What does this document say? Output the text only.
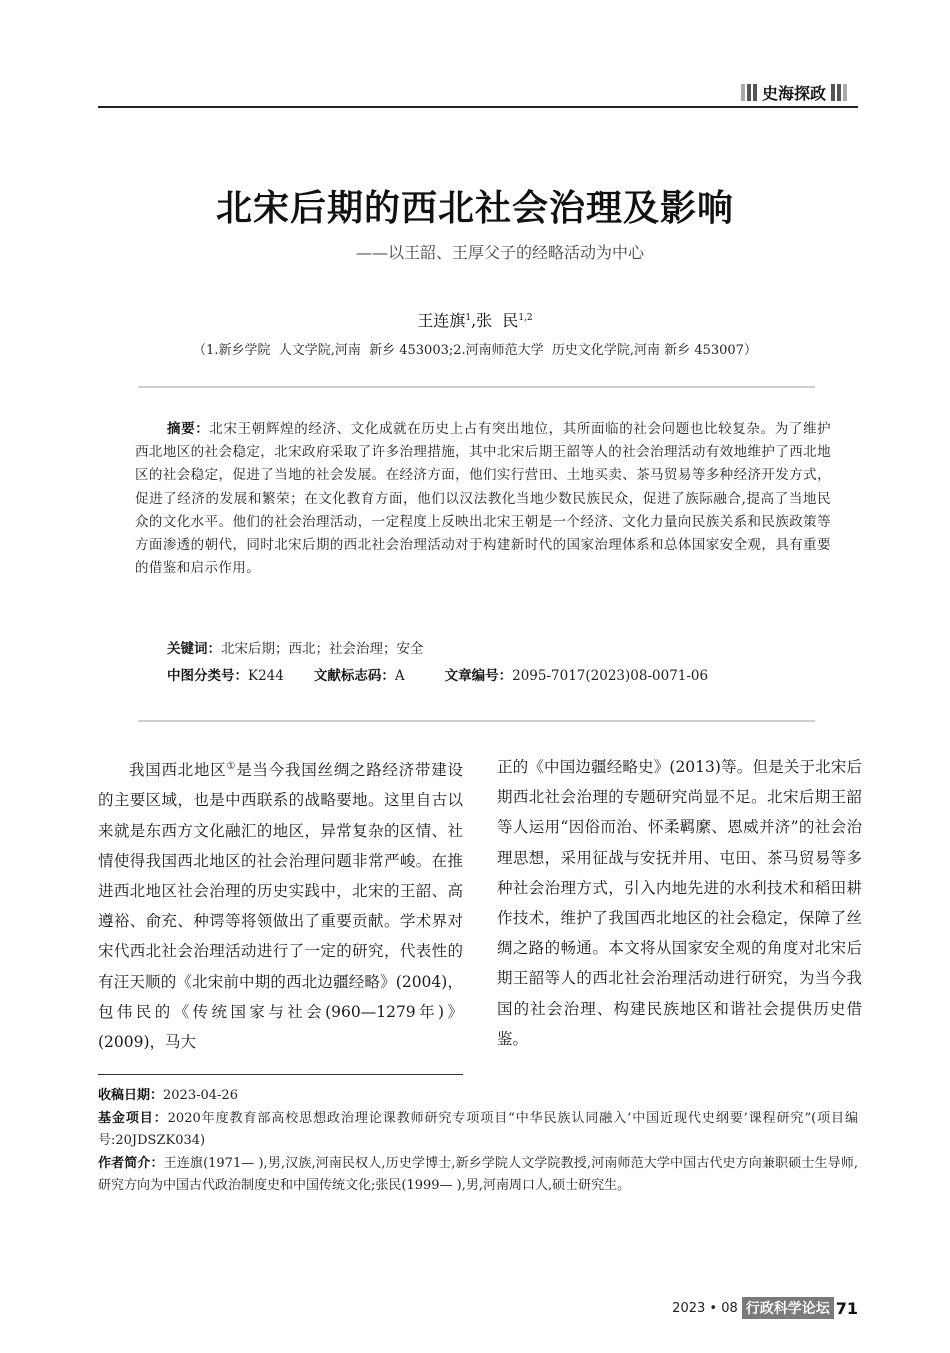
史海探政
北宋后期的西北社会治理及影响
——以王韶、王厚父子的经略活动为中心
王连旗$^1$,张  民$^{1,2}$
（1.新乡学院  人文学院,河南  新乡 453003;2.河南师范大学  历史文化学院,河南 新乡 453007）
摘要：北宋王朝辉煌的经济、文化成就在历史上占有突出地位，其所面临的社会问题也比较复杂。为了维护西北地区的社会稳定，北宋政府采取了许多治理措施，其中北宋后期王韶等人的社会治理活动有效地维护了西北地区的社会稳定，促进了当地的社会发展。在经济方面，他们实行营田、土地买卖、茶马贸易等多种经济开发方式，促进了经济的发展和繁荣；在文化教育方面，他们以汉法教化当地少数民族民众，促进了族际融合,提高了当地民众的文化水平。他们的社会治理活动，一定程度上反映出北宋王朝是一个经济、文化力量向民族关系和民族政策等方面渗透的朝代，同时北宋后期的西北社会治理活动对于构建新时代的国家治理体系和总体国家安全观，具有重要的借鉴和启示作用。
关键词：北宋后期；西北；社会治理；安全
中图分类号：K244 文献标志码：A	文章编号：2095-7017(2023)08-0071-06

我国西北地区①是当今我国丝绸之路经济带建设的主要区域，也是中西联系的战略要地。这里自古以来就是东西方文化融汇的地区，异常复杂的区情、社情使得我国西北地区的社会治理问题非常严峻。在推进西北地区社会治理的历史实践中，北宋的王韶、高遵裕、俞充、种谔等将领做出了重要贡献。学术界对宋代西北社会治理活动进行了一定的研究，代表性的有汪天顺的《北宋前中期的西北边疆经略》(2004)，包伟民的《传统国家与社会(960—1279年)》(2009)，马大

正的《中国边疆经略史》(2013)等。但是关于北宋后期西北社会治理的专题研究尚显不足。北宋后期王韶等人运用“因俗而治、怀柔羁縻、恩威并济”的社会治理思想，采用征战与安抚并用、屯田、茶马贸易等多种社会治理方式，引入内地先进的水利技术和稻田耕作技术，维护了我国西北地区的社会稳定，保障了丝绸之路的畅通。本文将从国家安全观的角度对北宋后期王韶等人的西北社会治理活动进行研究，为当今我国的社会治理、构建民族地区和谐社会提供历史借鉴。

收稿日期：2023-04-26

基金项目：2020年度教育部高校思想政治理论课教师研究专项项目“中华民族认同融入‘中国近现代史纲要’课程研究”(项目编号:20JDSZK034)

作者简介：王连旗(1971— ),男,汉族,河南民权人,历史学博士,新乡学院人文学院教授,河南师范大学中国古代史方向兼职硕士生导师,研究方向为中国古代政治制度史和中国传统文化;张民(1999— ),男,河南周口人,硕士研究生。

2023 • 08 行政科学论坛 71
